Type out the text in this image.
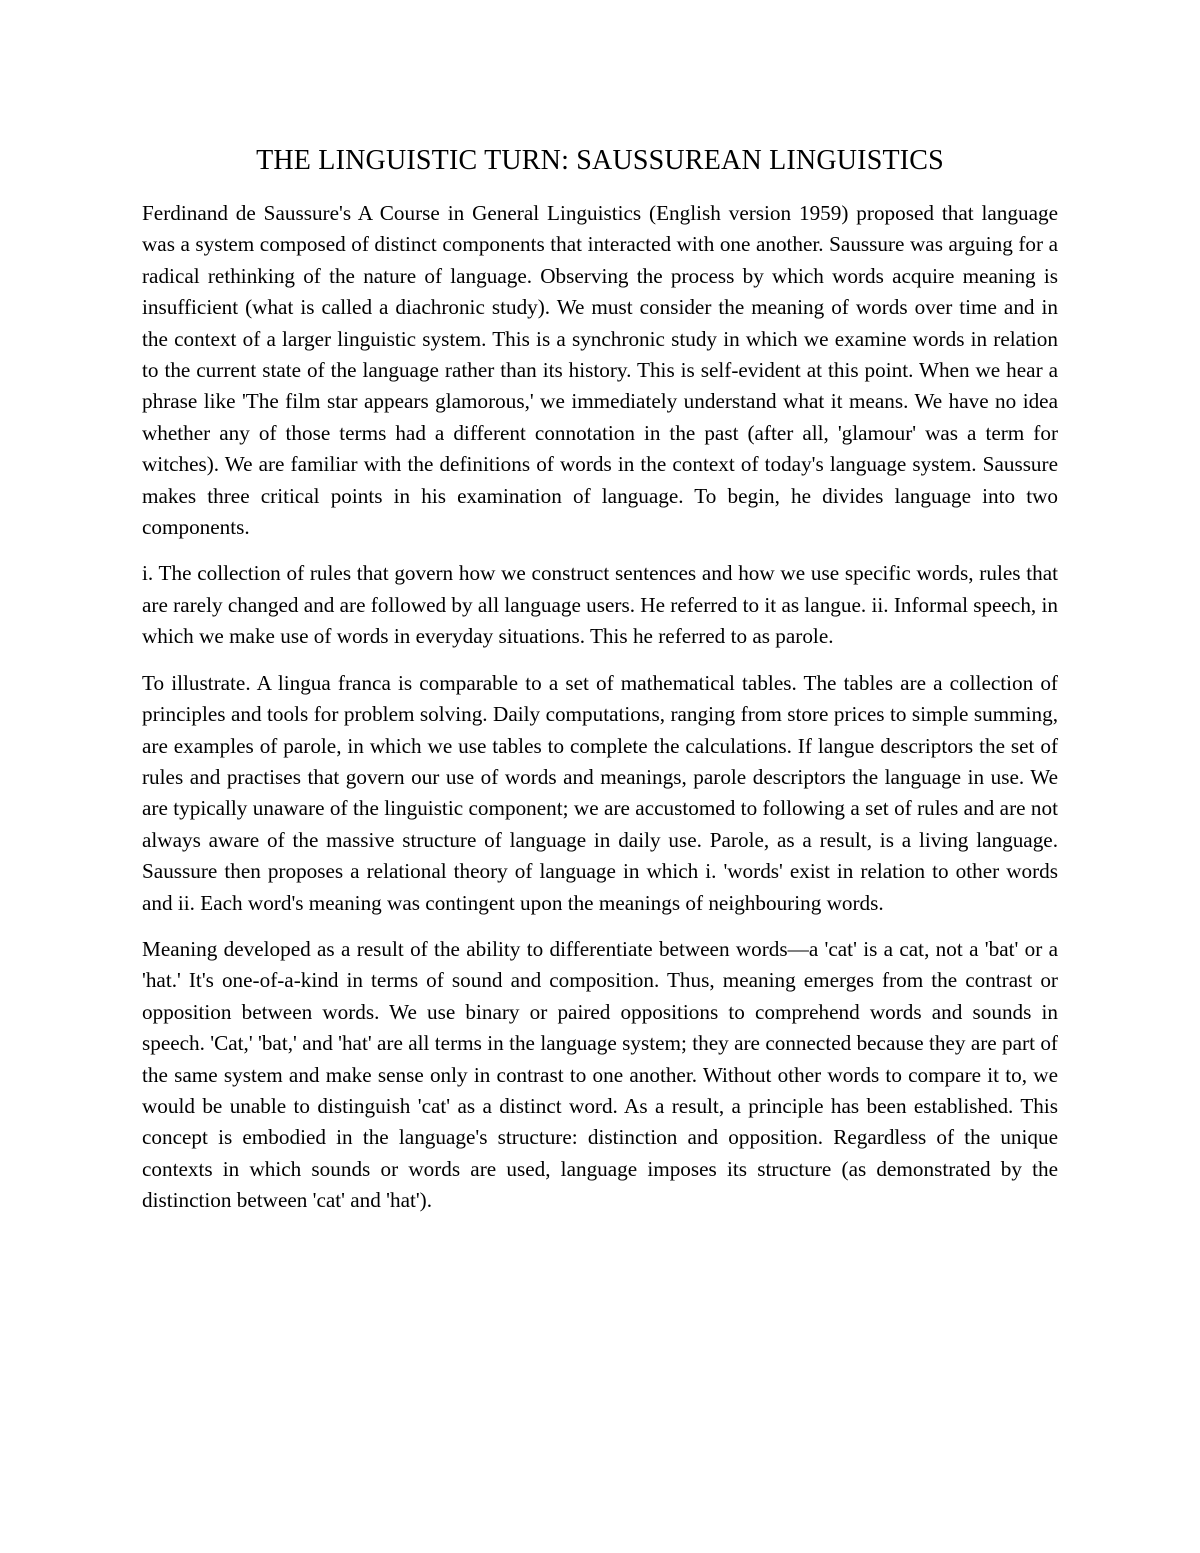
THE LINGUISTIC TURN: SAUSSUREAN LINGUISTICS

Ferdinand de Saussure's A Course in General Linguistics (English version 1959) proposed that language was a system composed of distinct components that interacted with one another. Saussure was arguing for a radical rethinking of the nature of language. Observing the process by which words acquire meaning is insufficient (what is called a diachronic study). We must consider the meaning of words over time and in the context of a larger linguistic system. This is a synchronic study in which we examine words in relation to the current state of the language rather than its history. This is self-evident at this point. When we hear a phrase like 'The film star appears glamorous,' we immediately understand what it means. We have no idea whether any of those terms had a different connotation in the past (after all, 'glamour' was a term for witches). We are familiar with the definitions of words in the context of today's language system. Saussure makes three critical points in his examination of language. To begin, he divides language into two components.

i. The collection of rules that govern how we construct sentences and how we use specific words, rules that are rarely changed and are followed by all language users. He referred to it as langue. ii. Informal speech, in which we make use of words in everyday situations. This he referred to as parole.

To illustrate. A lingua franca is comparable to a set of mathematical tables. The tables are a collection of principles and tools for problem solving. Daily computations, ranging from store prices to simple summing, are examples of parole, in which we use tables to complete the calculations. If langue descriptors the set of rules and practises that govern our use of words and meanings, parole descriptors the language in use. We are typically unaware of the linguistic component; we are accustomed to following a set of rules and are not always aware of the massive structure of language in daily use. Parole, as a result, is a living language. Saussure then proposes a relational theory of language in which i. 'words' exist in relation to other words and ii. Each word's meaning was contingent upon the meanings of neighbouring words.

Meaning developed as a result of the ability to differentiate between words—a 'cat' is a cat, not a 'bat' or a 'hat.' It's one-of-a-kind in terms of sound and composition. Thus, meaning emerges from the contrast or opposition between words. We use binary or paired oppositions to comprehend words and sounds in speech. 'Cat,' 'bat,' and 'hat' are all terms in the language system; they are connected because they are part of the same system and make sense only in contrast to one another. Without other words to compare it to, we would be unable to distinguish 'cat' as a distinct word. As a result, a principle has been established. This concept is embodied in the language's structure: distinction and opposition. Regardless of the unique contexts in which sounds or words are used, language imposes its structure (as demonstrated by the distinction between 'cat' and 'hat').
